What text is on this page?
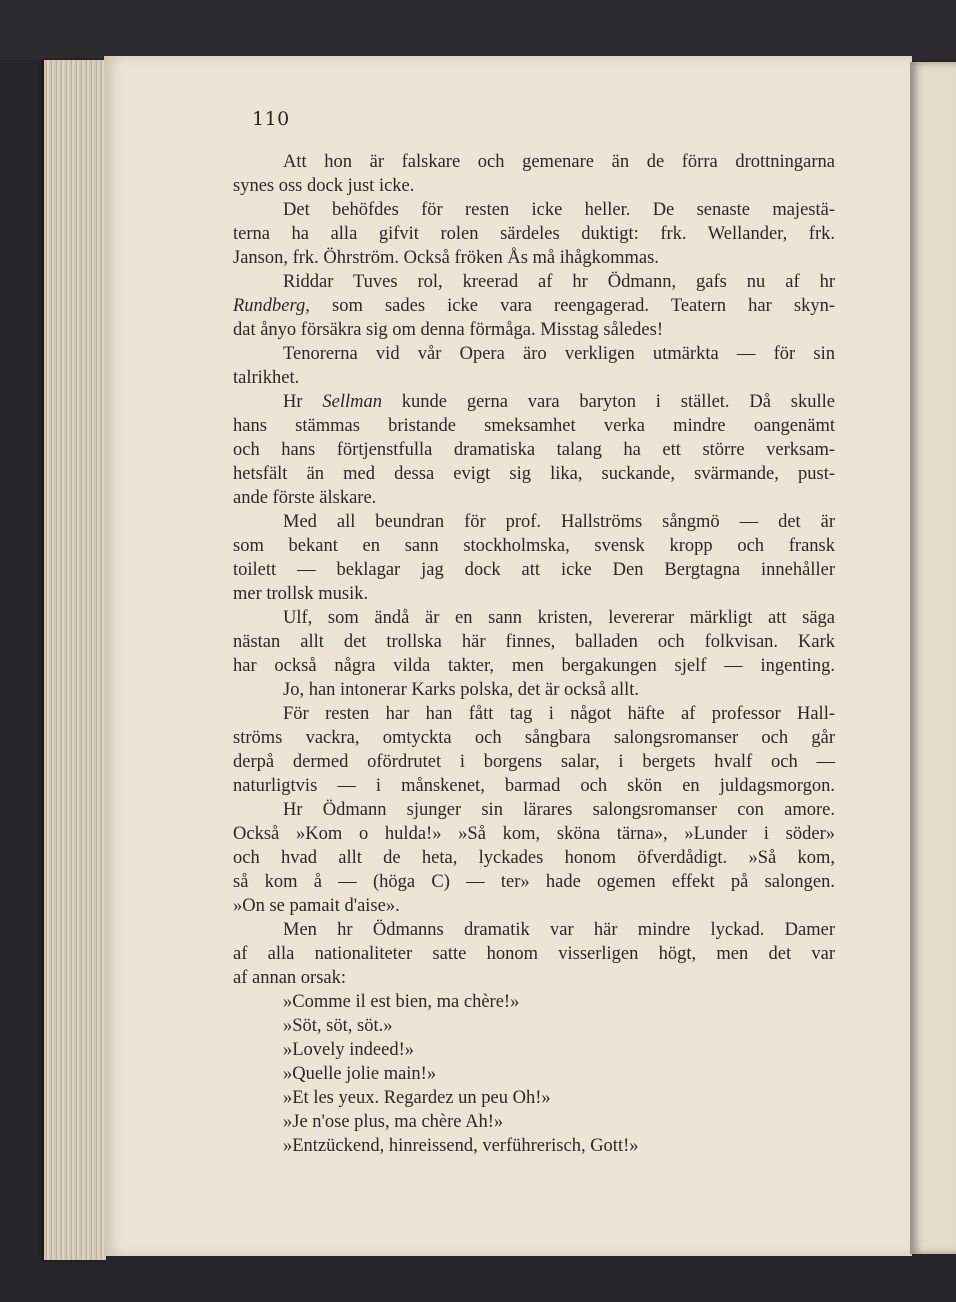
110
Att hon är falskare och gemenare än de förra drottningarna
synes oss dock just icke.
Det behöfdes för resten icke heller. De senaste majestä-
terna ha alla gifvit rolen särdeles duktigt: frk. Wellander, frk.
Janson, frk. Öhrström. Också fröken Ås må ihågkommas.
Riddar Tuves rol, kreerad af hr Ödmann, gafs nu af hr
Rundberg, som sades icke vara reengagerad. Teatern har skyn-
dat ånyo försäkra sig om denna förmåga. Misstag således!
Tenorerna vid vår Opera äro verkligen utmärkta — för sin
talrikhet.
Hr Sellman kunde gerna vara baryton i stället. Då skulle
hans stämmas bristande smeksamhet verka mindre oangenämt
och hans förtjenstfulla dramatiska talang ha ett större verksam-
hetsfält än med dessa evigt sig lika, suckande, svärmande, pust-
ande förste älskare.
Med all beundran för prof. Hallströms sångmö — det är
som bekant en sann stockholmska, svensk kropp och fransk
toilett — beklagar jag dock att icke Den Bergtagna innehåller
mer trollsk musik.
Ulf, som ändå är en sann kristen, levererar märkligt att säga
nästan allt det trollska här finnes, balladen och folkvisan. Kark
har också några vilda takter, men bergakungen sjelf — ingenting.
Jo, han intonerar Karks polska, det är också allt.
För resten har han fått tag i något häfte af professor Hall-
ströms vackra, omtyckta och sångbara salongsromanser och går
derpå dermed ofördrutet i borgens salar, i bergets hvalf och —
naturligtvis — i månskenet, barmad och skön en juldagsmorgon.
Hr Ödmann sjunger sin lärares salongsromanser con amore.
Också »Kom o hulda!» »Så kom, sköna tärna», »Lunder i söder»
och hvad allt de heta, lyckades honom öfverdådigt. »Så kom,
så kom å — (höga C) — ter» hade ogemen effekt på salongen.
»On se pamait d'aise».
Men hr Ödmanns dramatik var här mindre lyckad. Damer
af alla nationaliteter satte honom visserligen högt, men det var
af annan orsak:
»Comme il est bien, ma chère!»
»Söt, söt, söt.»
»Lovely indeed!»
»Quelle jolie main!»
»Et les yeux. Regardez un peu Oh!»
»Je n'ose plus, ma chère Ah!»
»Entzückend, hinreissend, verführerisch, Gott!»
